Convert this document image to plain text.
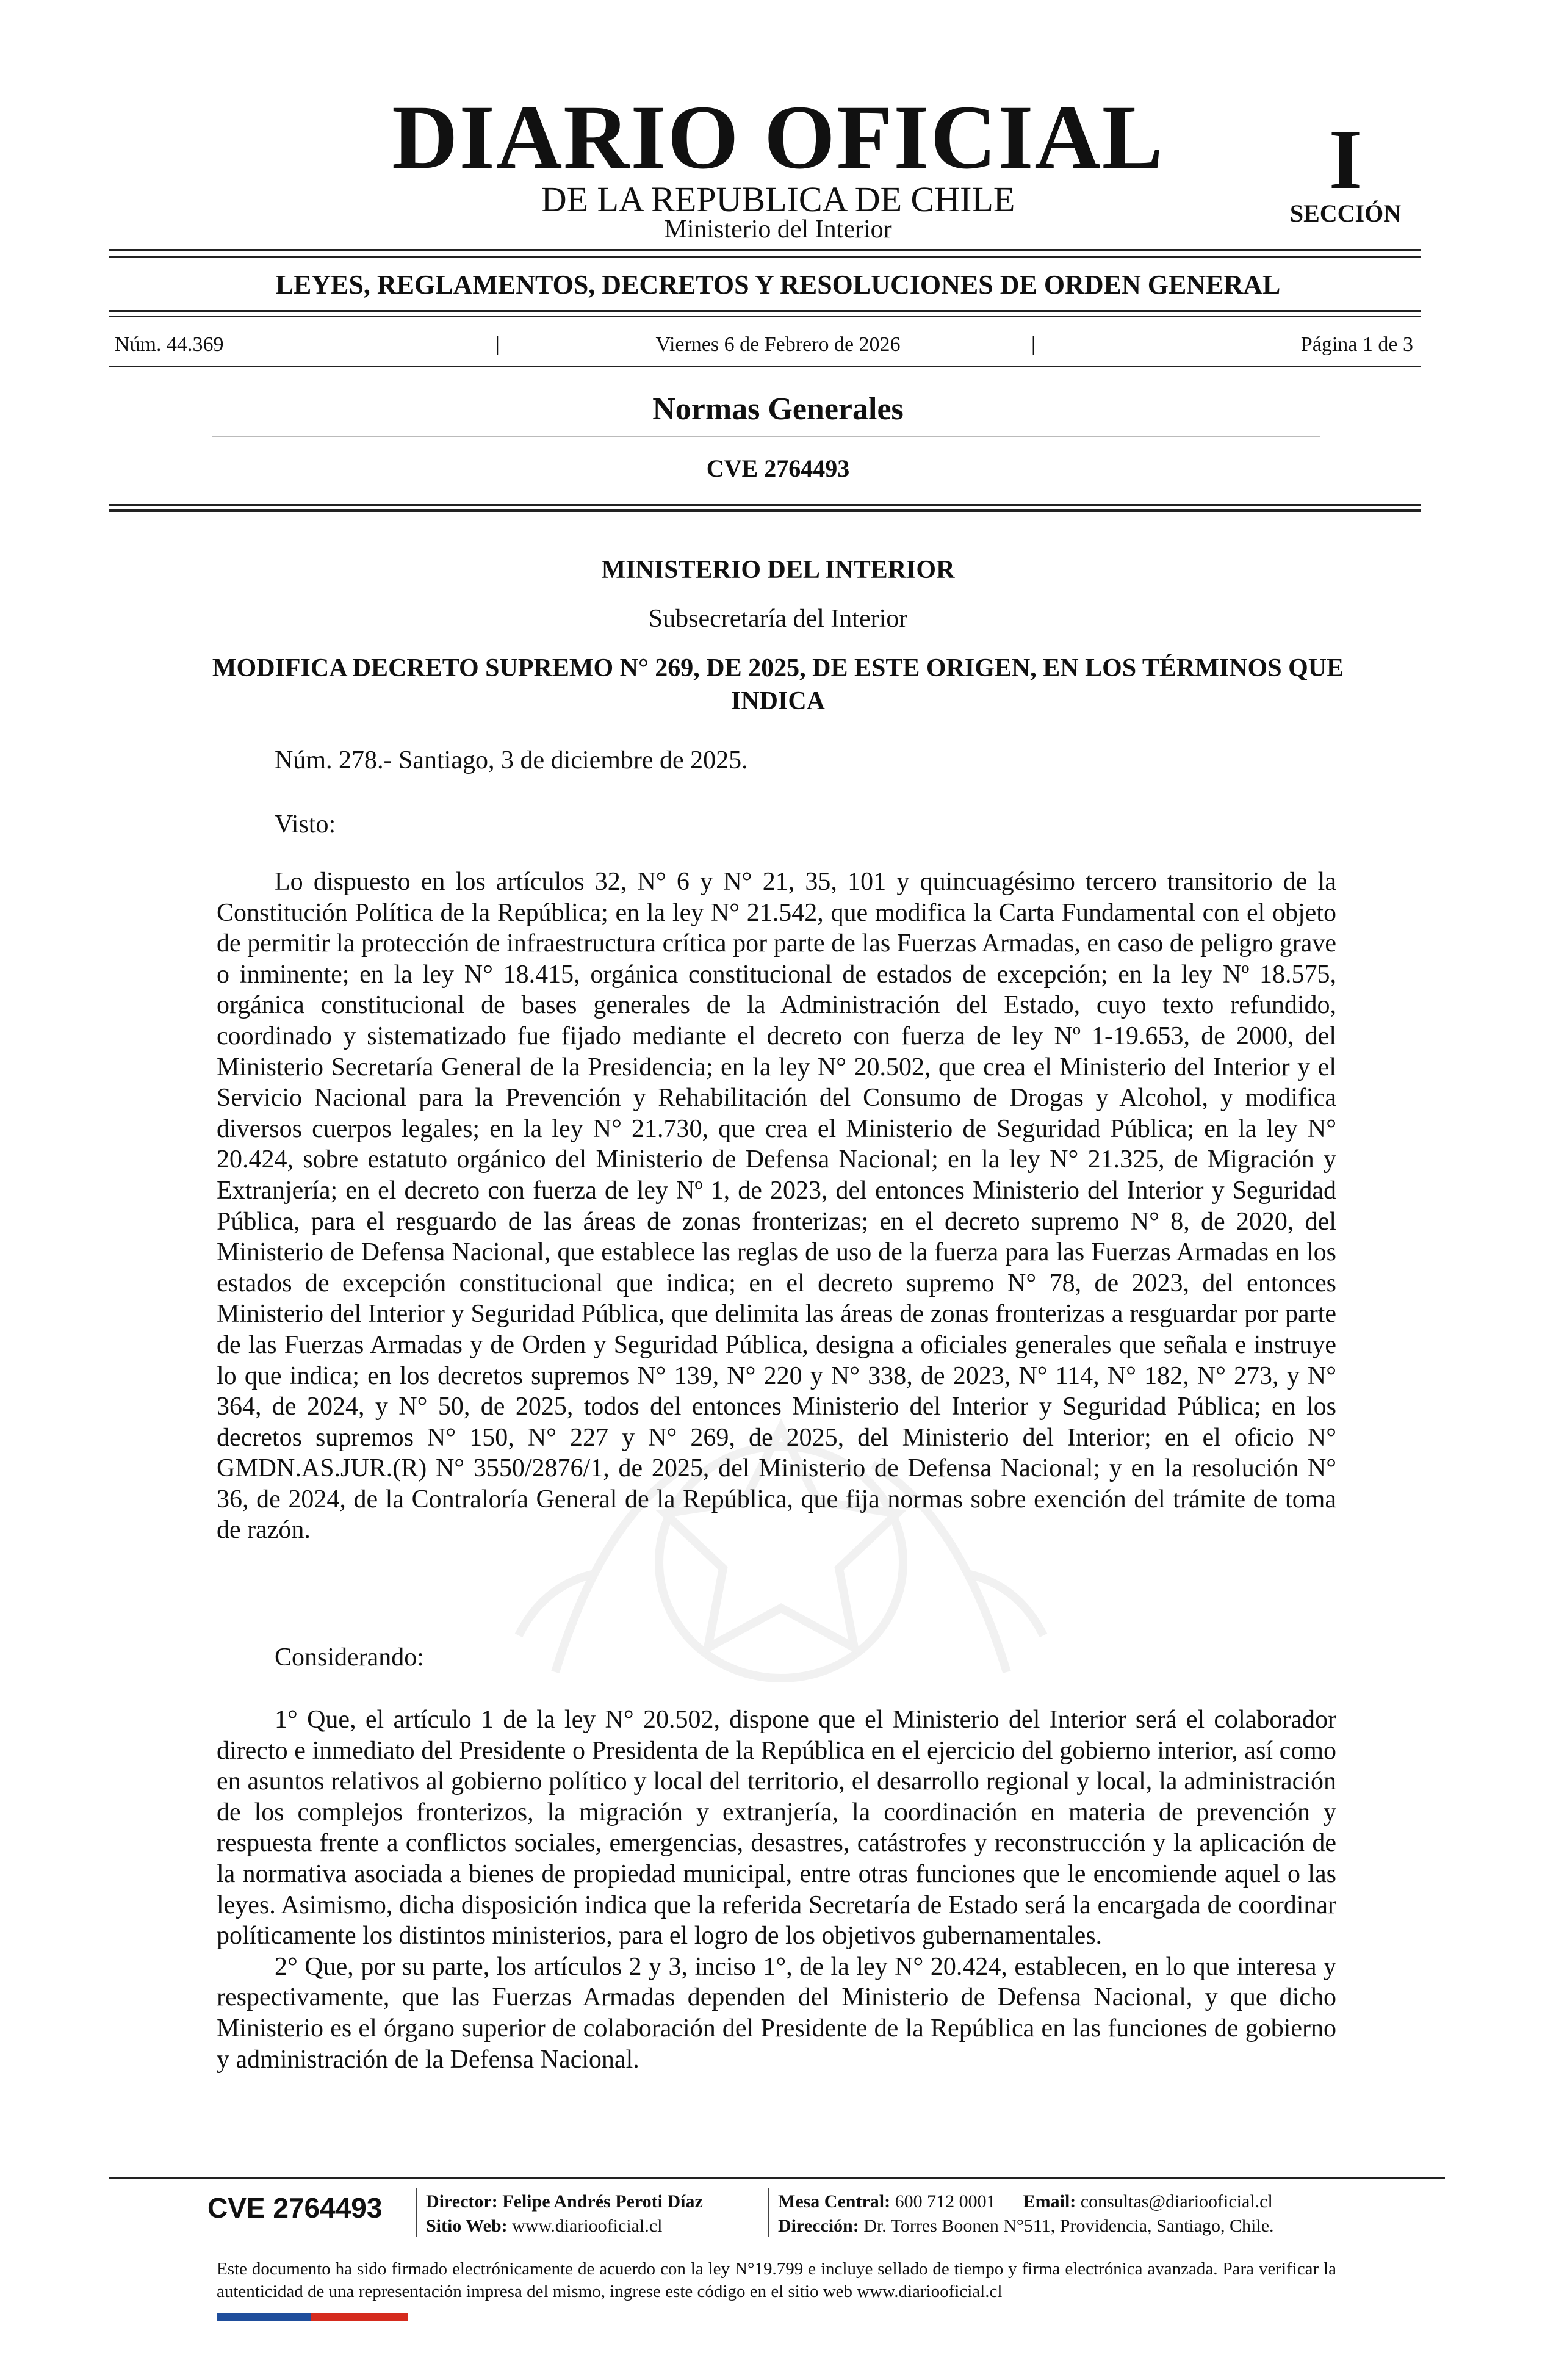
DIARIO OFICIAL
DE LA REPUBLICA DE CHILE
Ministerio del Interior
I
SECCIÓN
LEYES, REGLAMENTOS, DECRETOS Y RESOLUCIONES DE ORDEN GENERAL
Núm. 44.369	|	Viernes 6 de Febrero de 2026	|	Página 1 de 3
Normas Generales
CVE 2764493
MINISTERIO DEL INTERIOR
Subsecretaría del Interior
MODIFICA DECRETO SUPREMO N° 269, DE 2025, DE ESTE ORIGEN, EN LOS TÉRMINOS QUE INDICA
Núm. 278.- Santiago, 3 de diciembre de 2025.
Visto:

Lo dispuesto en los artículos 32, N° 6 y N° 21, 35, 101 y quincuagésimo tercero transitorio de la Constitución Política de la República; en la ley N° 21.542, que modifica la Carta Fundamental con el objeto de permitir la protección de infraestructura crítica por parte de las Fuerzas Armadas, en caso de peligro grave o inminente; en la ley N° 18.415, orgánica constitucional de estados de excepción; en la ley Nº 18.575, orgánica constitucional de bases generales de la Administración del Estado, cuyo texto refundido, coordinado y sistematizado fue fijado mediante el decreto con fuerza de ley Nº 1-19.653, de 2000, del Ministerio Secretaría General de la Presidencia; en la ley N° 20.502, que crea el Ministerio del Interior y el Servicio Nacional para la Prevención y Rehabilitación del Consumo de Drogas y Alcohol, y modifica diversos cuerpos legales; en la ley N° 21.730, que crea el Ministerio de Seguridad Pública; en la ley N° 20.424, sobre estatuto orgánico del Ministerio de Defensa Nacional; en la ley N° 21.325, de Migración y Extranjería; en el decreto con fuerza de ley Nº 1, de 2023, del entonces Ministerio del Interior y Seguridad Pública, para el resguardo de las áreas de zonas fronterizas; en el decreto supremo N° 8, de 2020, del Ministerio de Defensa Nacional, que establece las reglas de uso de la fuerza para las Fuerzas Armadas en los estados de excepción constitucional que indica; en el decreto supremo N° 78, de 2023, del entonces Ministerio del Interior y Seguridad Pública, que delimita las áreas de zonas fronterizas a resguardar por parte de las Fuerzas Armadas y de Orden y Seguridad Pública, designa a oficiales generales que señala e instruye lo que indica; en los decretos supremos N° 139, N° 220 y N° 338, de 2023, N° 114, N° 182, N° 273, y N° 364, de 2024, y N° 50, de 2025, todos del entonces Ministerio del Interior y Seguridad Pública; en los decretos supremos N° 150, N° 227 y N° 269, de 2025, del Ministerio del Interior; en el oficio N° GMDN.AS.JUR.(R) N° 3550/2876/1, de 2025, del Ministerio de Defensa Nacional; y en la resolución N° 36, de 2024, de la Contraloría General de la República, que fija normas sobre exención del trámite de toma de razón.

Considerando:

1° Que, el artículo 1 de la ley N° 20.502, dispone que el Ministerio del Interior será el colaborador directo e inmediato del Presidente o Presidenta de la República en el ejercicio del gobierno interior, así como en asuntos relativos al gobierno político y local del territorio, el desarrollo regional y local, la administración de los complejos fronterizos, la migración y extranjería, la coordinación en materia de prevención y respuesta frente a conflictos sociales, emergencias, desastres, catástrofes y reconstrucción y la aplicación de la normativa asociada a bienes de propiedad municipal, entre otras funciones que le encomiende aquel o las leyes. Asimismo, dicha disposición indica que la referida Secretaría de Estado será la encargada de coordinar políticamente los distintos ministerios, para el logro de los objetivos gubernamentales.

2° Que, por su parte, los artículos 2 y 3, inciso 1°, de la ley N° 20.424, establecen, en lo que interesa y respectivamente, que las Fuerzas Armadas dependen del Ministerio de Defensa Nacional, y que dicho Ministerio es el órgano superior de colaboración del Presidente de la República en las funciones de gobierno y administración de la Defensa Nacional.

CVE 2764493 Director: Felipe Andrés Peroti Díaz
Sitio Web: www.diariooficial.cl
Mesa Central: 600 712 0001 Email: consultas@diariooficial.cl
Dirección: Dr. Torres Boonen N°511, Providencia, Santiago, Chile.
Este documento ha sido firmado electrónicamente de acuerdo con la ley N°19.799 e incluye sellado de tiempo y firma electrónica avanzada. Para verificar la autenticidad de una representación impresa del mismo, ingrese este código en el sitio web www.diariooficial.cl
